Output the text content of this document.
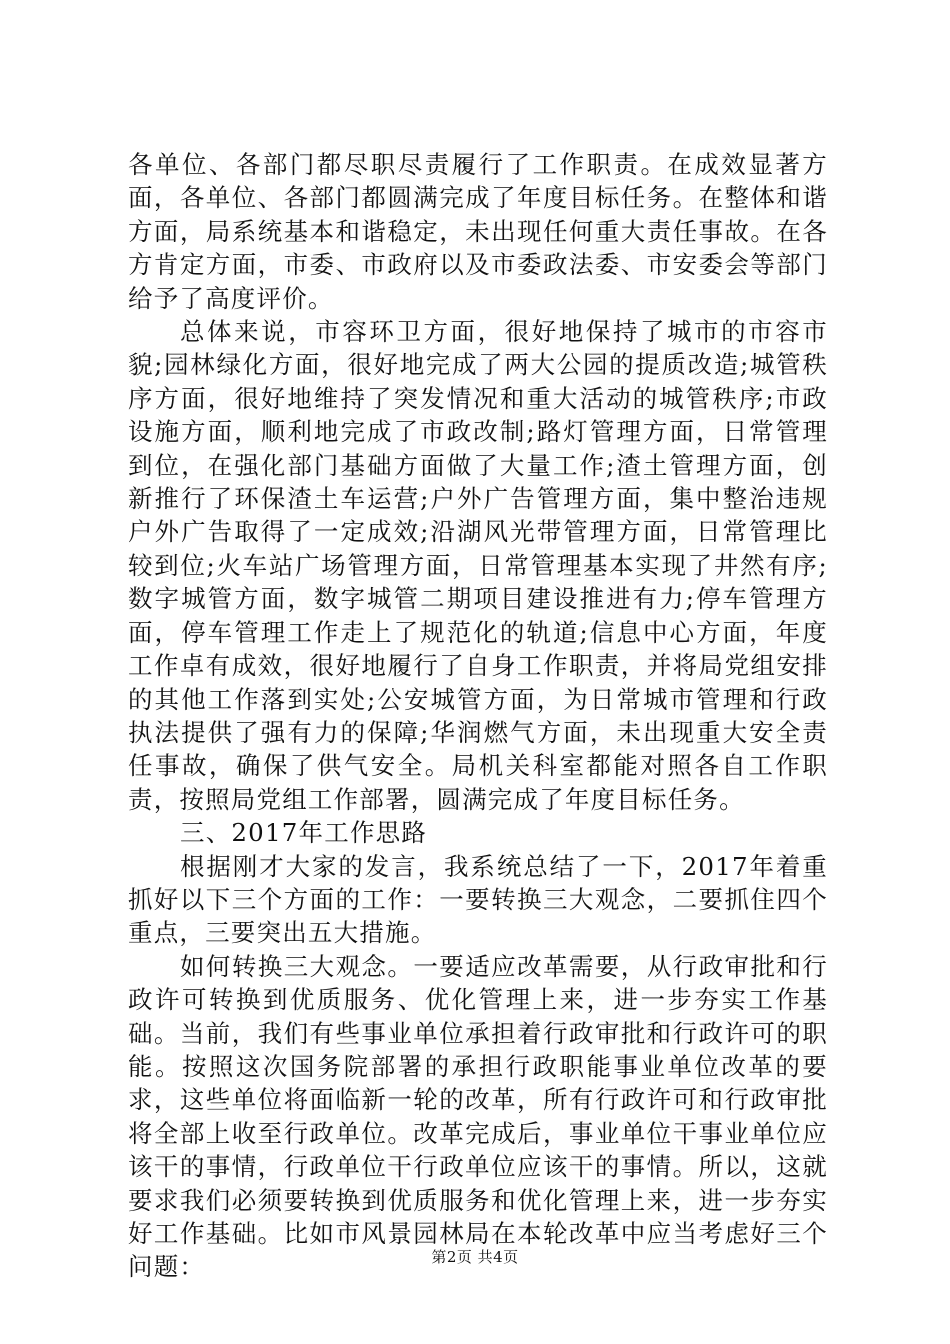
各单位、各部门都尽职尽责履行了工作职责。在成效显著方面，各单位、各部门都圆满完成了年度目标任务。在整体和谐方面，局系统基本和谐稳定，未出现任何重大责任事故。在各方肯定方面，市委、市政府以及市委政法委、市安委会等部门给予了高度评价。

总体来说，市容环卫方面，很好地保持了城市的市容市貌;园林绿化方面，很好地完成了两大公园的提质改造;城管秩序方面，很好地维持了突发情况和重大活动的城管秩序;市政设施方面，顺利地完成了市政改制;路灯管理方面，日常管理到位，在强化部门基础方面做了大量工作;渣土管理方面，创新推行了环保渣土车运营;户外广告管理方面，集中整治违规户外广告取得了一定成效;沿湖风光带管理方面，日常管理比较到位;火车站广场管理方面，日常管理基本实现了井然有序;数字城管方面，数字城管二期项目建设推进有力;停车管理方面，停车管理工作走上了规范化的轨道;信息中心方面，年度工作卓有成效，很好地履行了自身工作职责，并将局党组安排的其他工作落到实处;公安城管方面，为日常城市管理和行政执法提供了强有力的保障;华润燃气方面，未出现重大安全责任事故，确保了供气安全。局机关科室都能对照各自工作职责，按照局党组工作部署，圆满完成了年度目标任务。

三、2017年工作思路

根据刚才大家的发言，我系统总结了一下，2017年着重抓好以下三个方面的工作：一要转换三大观念，二要抓住四个重点，三要突出五大措施。

如何转换三大观念。一要适应改革需要，从行政审批和行政许可转换到优质服务、优化管理上来，进一步夯实工作基础。当前，我们有些事业单位承担着行政审批和行政许可的职能。按照这次国务院部署的承担行政职能事业单位改革的要求，这些单位将面临新一轮的改革，所有行政许可和行政审批将全部上收至行政单位。改革完成后，事业单位干事业单位应该干的事情，行政单位干行政单位应该干的事情。所以，这就要求我们必须要转换到优质服务和优化管理上来，进一步夯实好工作基础。比如市风景园林局在本轮改革中应当考虑好三个问题：	第2页 共4页
